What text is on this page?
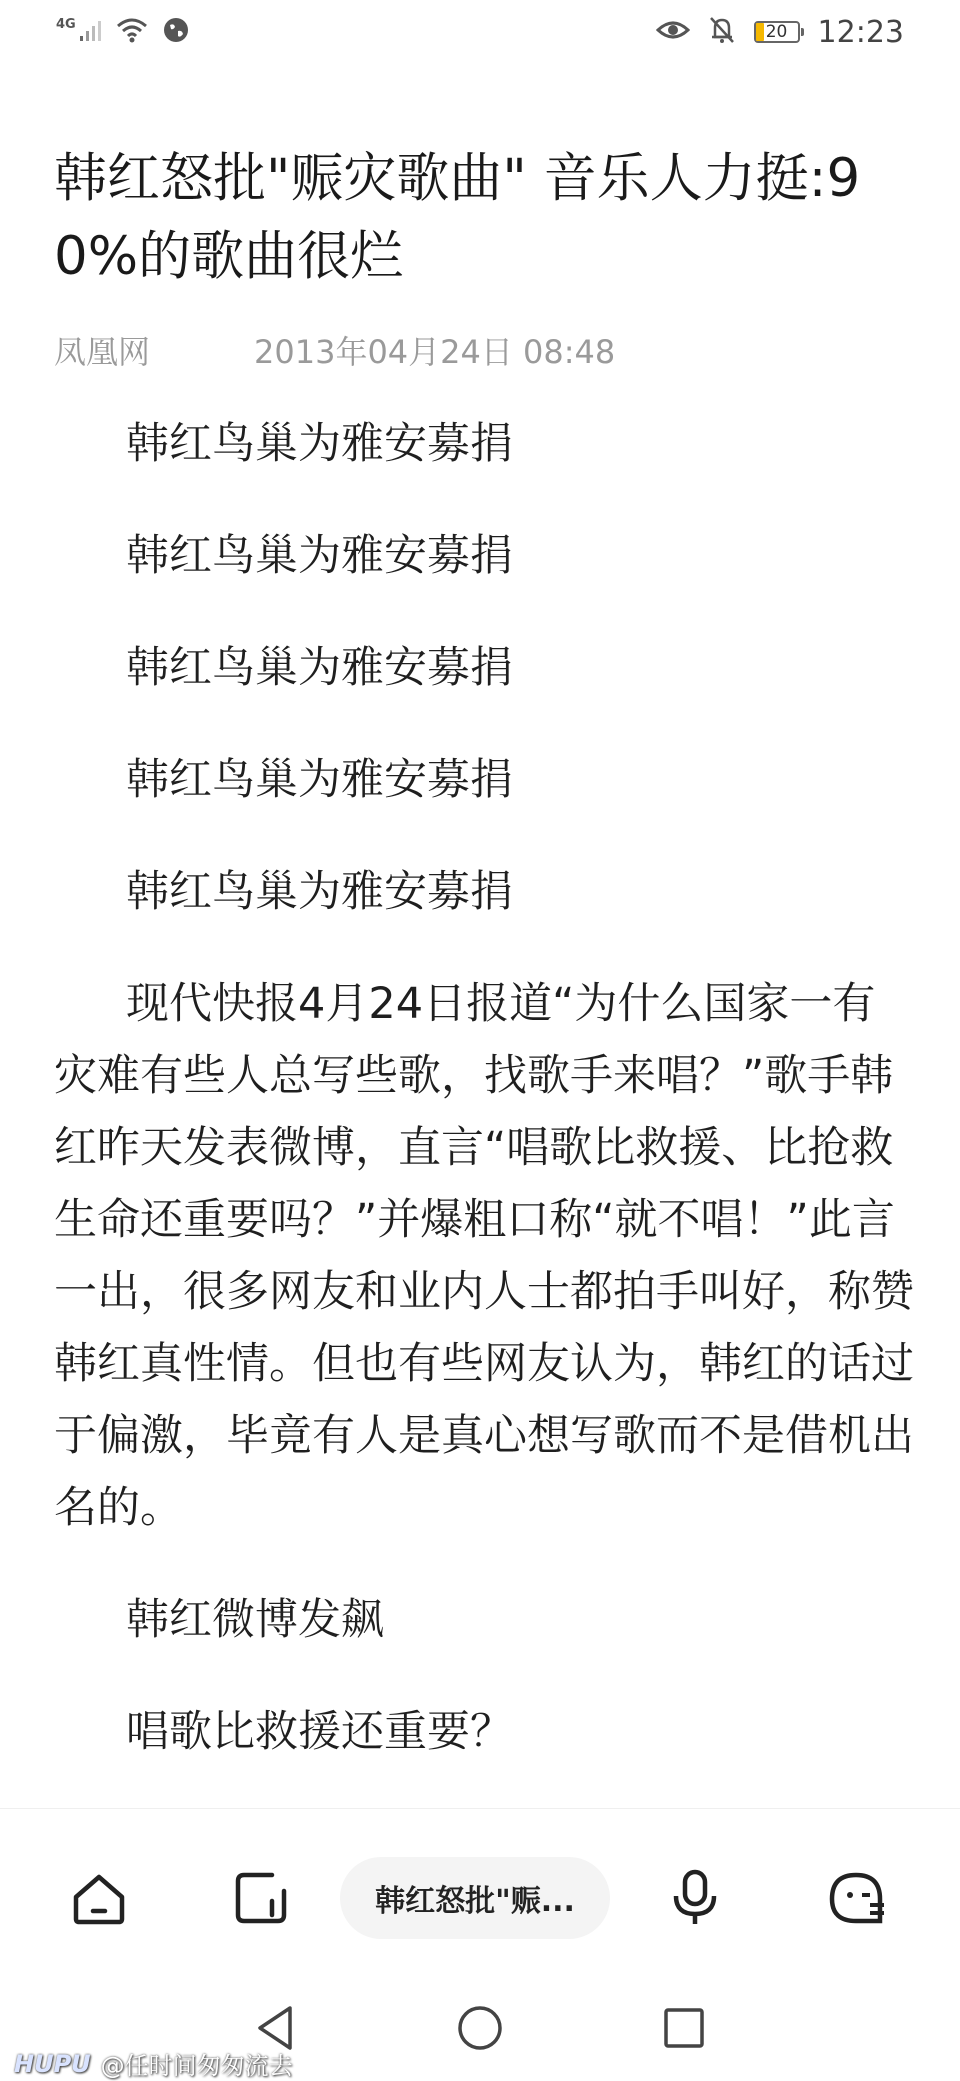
4G	20 12:23
韩红怒批"赈灾歌曲" 音乐人力挺:90%的歌曲很烂
凤凰网	2013年04月24日 08:48

韩红鸟巢为雅安募捐

韩红鸟巢为雅安募捐

韩红鸟巢为雅安募捐

韩红鸟巢为雅安募捐

韩红鸟巢为雅安募捐

现代快报4月24日报道“为什么国家一有灾难有些人总写些歌，找歌手来唱？”歌手韩红昨天发表微博，直言“唱歌比救援、比抢救生命还重要吗？”并爆粗口称“就不唱！”此言一出，很多网友和业内人士都拍手叫好，称赞韩红真性情。但也有些网友认为，韩红的话过于偏激，毕竟有人是真心想写歌而不是借机出名的。

韩红微博发飙

唱歌比救援还重要？

韩红怒批"赈...
HUPU @任时间匆匆流去
